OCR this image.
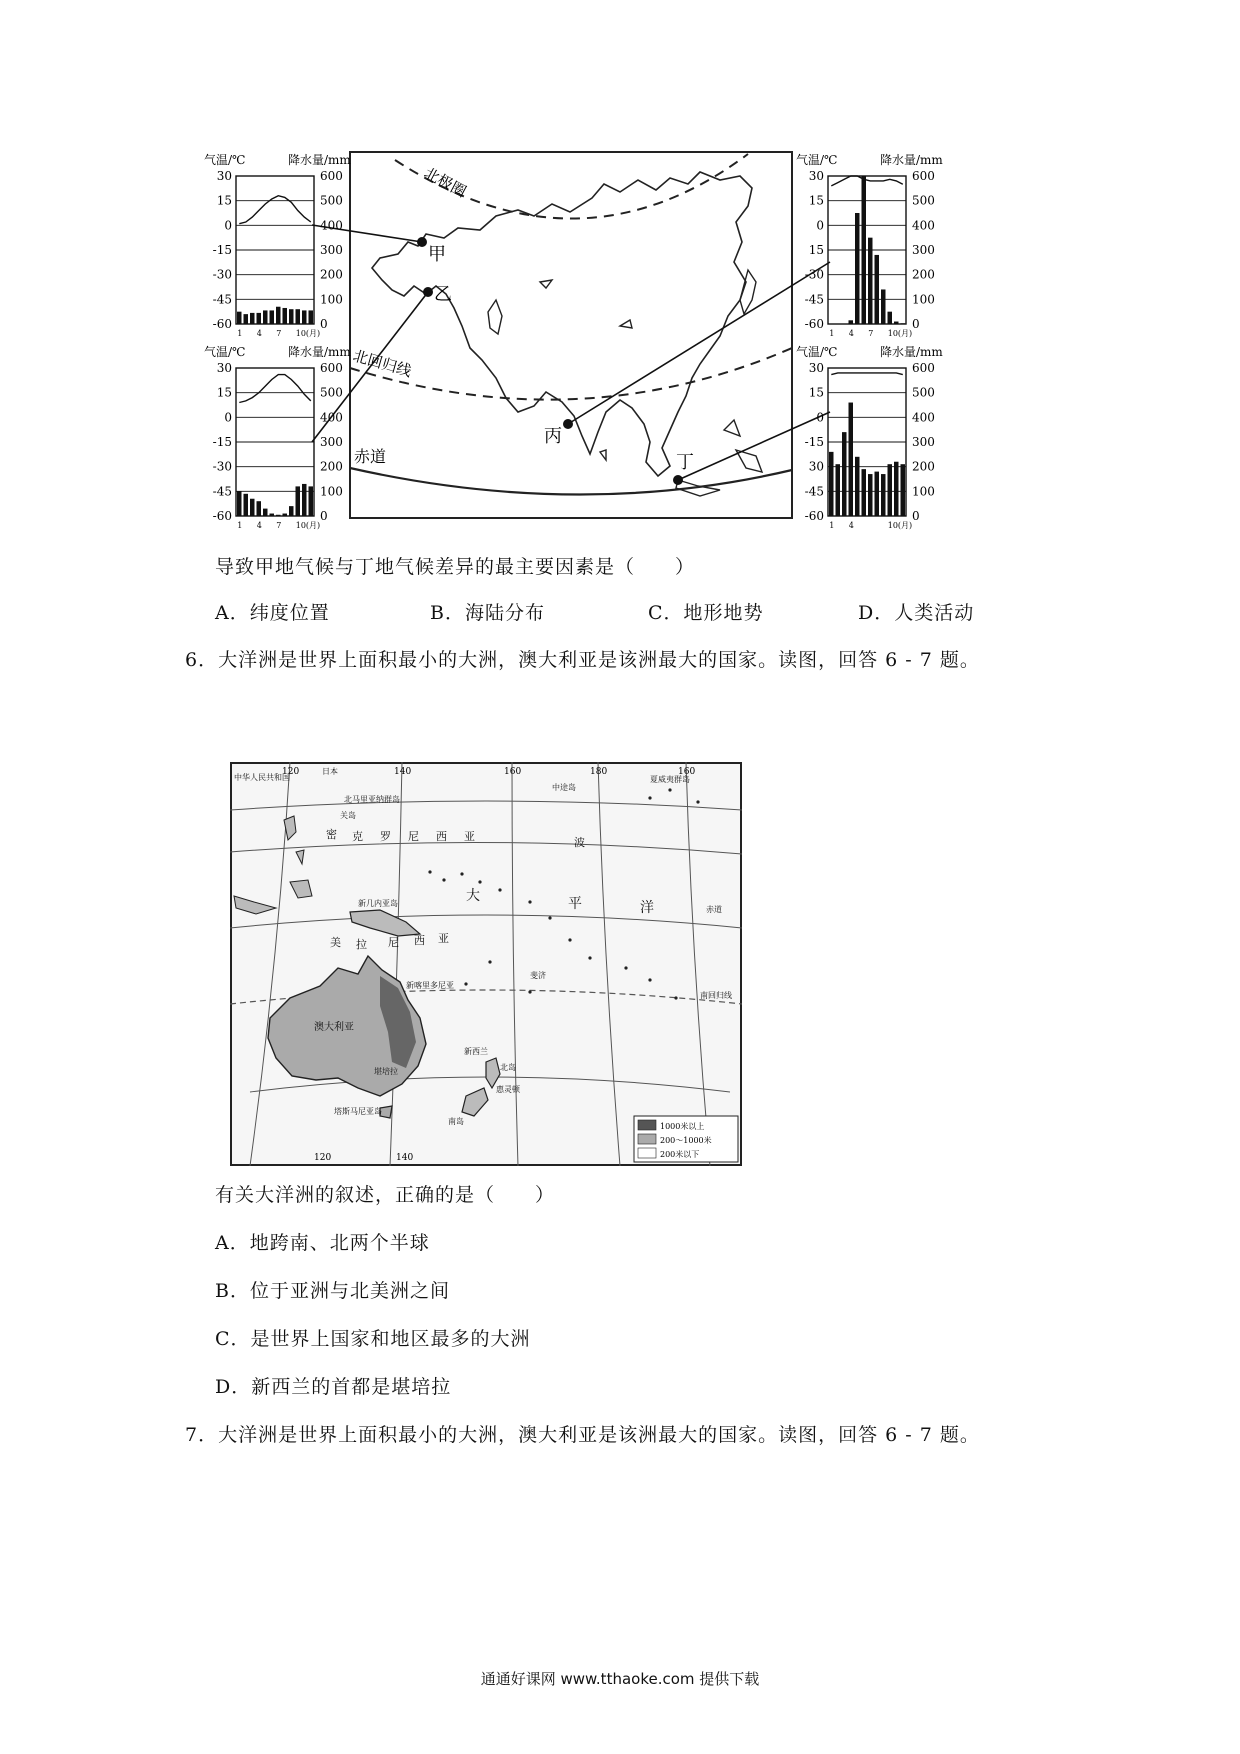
北极圈
北回归线
赤道
甲
乙
丙
丁
气温/℃	降水量/mm
30	600
15	500
0	400
-15	300
-30	200
-45	100
-60	0
1 4 7 10(月)
气温/℃	降水量/mm
30	600
15	500
0	400
-15	300
-30	200
-45	100
-60	0
1 4 7 10(月)
气温/℃	降水量/mm
30	600
15	500
0	400
15	300
-30	200
-45	100
-60	0
1 4 7 10(月)
气温/℃	降水量/mm
30	600
15	500
0	400
-15	300
30	200
-45	100
-60	0
1 4	10(月)
导致甲地气候与丁地气候差异的最主要因素是（　　）
A．纬度位置	B．海陆分布	C．地形地势	D．人类活动
6．大洋洲是世界上面积最小的大洲，澳大利亚是该洲最大的国家。读图，回答 6 - 7 题。
120	140	160	180	160
120	140
中华人民共和国
日本
中途岛
夏威夷群岛
北马里亚纳群岛
关岛
密 克 罗 尼 西 亚
新几内亚岛
美 拉 尼 西 亚
波
大	平	洋
澳大利亚
新西兰
堪培拉	北岛
南岛
塔斯马尼亚岛
惠灵顿
赤道
南回归线
新喀里多尼亚
斐济
1000米以上
200～1000米
200米以下
有关大洋洲的叙述，正确的是（　　）
A．地跨南、北两个半球
B．位于亚洲与北美洲之间
C．是世界上国家和地区最多的大洲
D．新西兰的首都是堪培拉
7．大洋洲是世界上面积最小的大洲，澳大利亚是该洲最大的国家。读图，回答 6 - 7 题。
通通好课网 www.tthaoke.com 提供下载
